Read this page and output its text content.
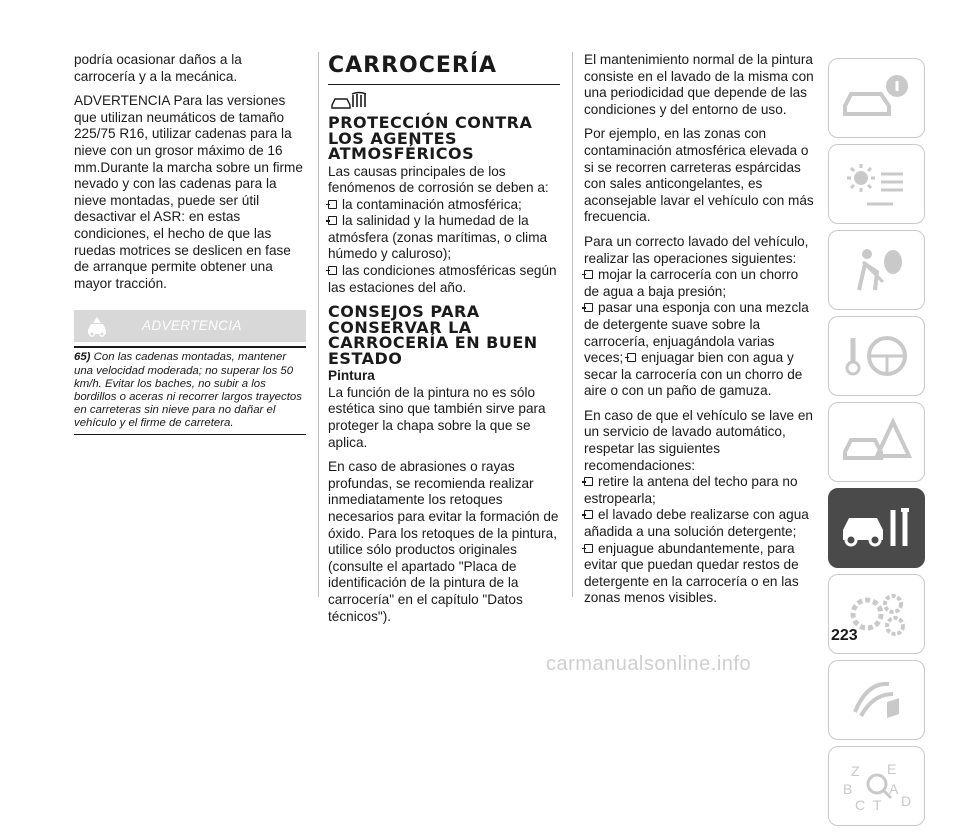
podría ocasionar daños a la carrocería y a la mecánica.

ADVERTENCIA Para las versiones que utilizan neumáticos de tamaño 225/75 R16, utilizar cadenas para la nieve con un grosor máximo de 16 mm.Durante la marcha sobre un firme nevado y con las cadenas para la nieve montadas, puede ser útil desactivar el ASR: en estas condiciones, el hecho de que las ruedas motrices se deslicen en fase de arranque permite obtener una mayor tracción.

ADVERTENCIA
65) Con las cadenas montadas, mantener una velocidad moderada; no superar los 50 km/h. Evitar los baches, no subir a los bordillos o aceras ni recorrer largos trayectos en carreteras sin nieve para no dañar el vehículo y el firme de carretera.
CARROCERÍA
PROTECCIÓN CONTRA LOS AGENTES ATMOSFÉRICOS

Las causas principales de los fenómenos de corrosión se deben a:

la contaminación atmosférica;
la salinidad y la humedad de la atmósfera (zonas marítimas, o clima húmedo y caluroso);
las condiciones atmosféricas según las estaciones del año.

CONSEJOS PARA CONSERVAR LA CARROCERÍA EN BUEN ESTADO
Pintura

La función de la pintura no es sólo estética sino que también sirve para proteger la chapa sobre la que se aplica.

En caso de abrasiones o rayas profundas, se recomienda realizar inmediatamente los retoques necesarios para evitar la formación de óxido. Para los retoques de la pintura, utilice sólo productos originales (consulte el apartado "Placa de identificación de la pintura de la carrocería" en el capítulo "Datos técnicos").

El mantenimiento normal de la pintura consiste en el lavado de la misma con una periodicidad que depende de las condiciones y del entorno de uso.

Por ejemplo, en las zonas con contaminación atmosférica elevada o si se recorren carreteras espárcidas con sales anticongelantes, es aconsejable lavar el vehículo con más frecuencia.

Para un correcto lavado del vehículo, realizar las operaciones siguientes:

mojar la carrocería con un chorro de agua a baja presión;
pasar una esponja con una mezcla de detergente suave sobre la carrocería, enjuagándola varias veces; enjuagar bien con agua y secar la carrocería con un chorro de aire o con un paño de gamuza.

En caso de que el vehículo se lave en un servicio de lavado automático, respetar las siguientes recomendaciones:

retire la antena del techo para no estropearla;
el lavado debe realizarse con agua añadida a una solución detergente;
enjuague abundantemente, para evitar que puedan quedar restos de detergente en la carrocería o en las zonas menos visibles.

Z E
B	A
C T D
223
carmanualsonline.info
